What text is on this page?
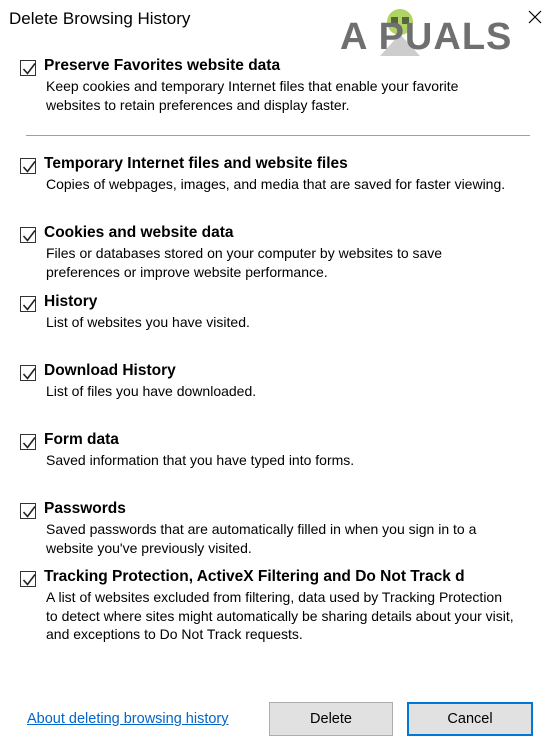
Delete Browsing History	A PUALS
Preserve Favorites website data
Keep cookies and temporary Internet files that enable your favorite websites to retain preferences and display faster.
Temporary Internet files and website files
Copies of webpages, images, and media that are saved for faster viewing.
Cookies and website data
Files or databases stored on your computer by websites to save preferences or improve website performance.
History
List of websites you have visited.
Download History
List of files you have downloaded.
Form data
Saved information that you have typed into forms.
Passwords
Saved passwords that are automatically filled in when you sign in to a website you've previously visited.
Tracking Protection, ActiveX Filtering and Do Not Track d
A list of websites excluded from filtering, data used by Tracking Protection to detect where sites might automatically be sharing details about your visit, and exceptions to Do Not Track requests.
About deleting browsing history	Delete	Cancel
